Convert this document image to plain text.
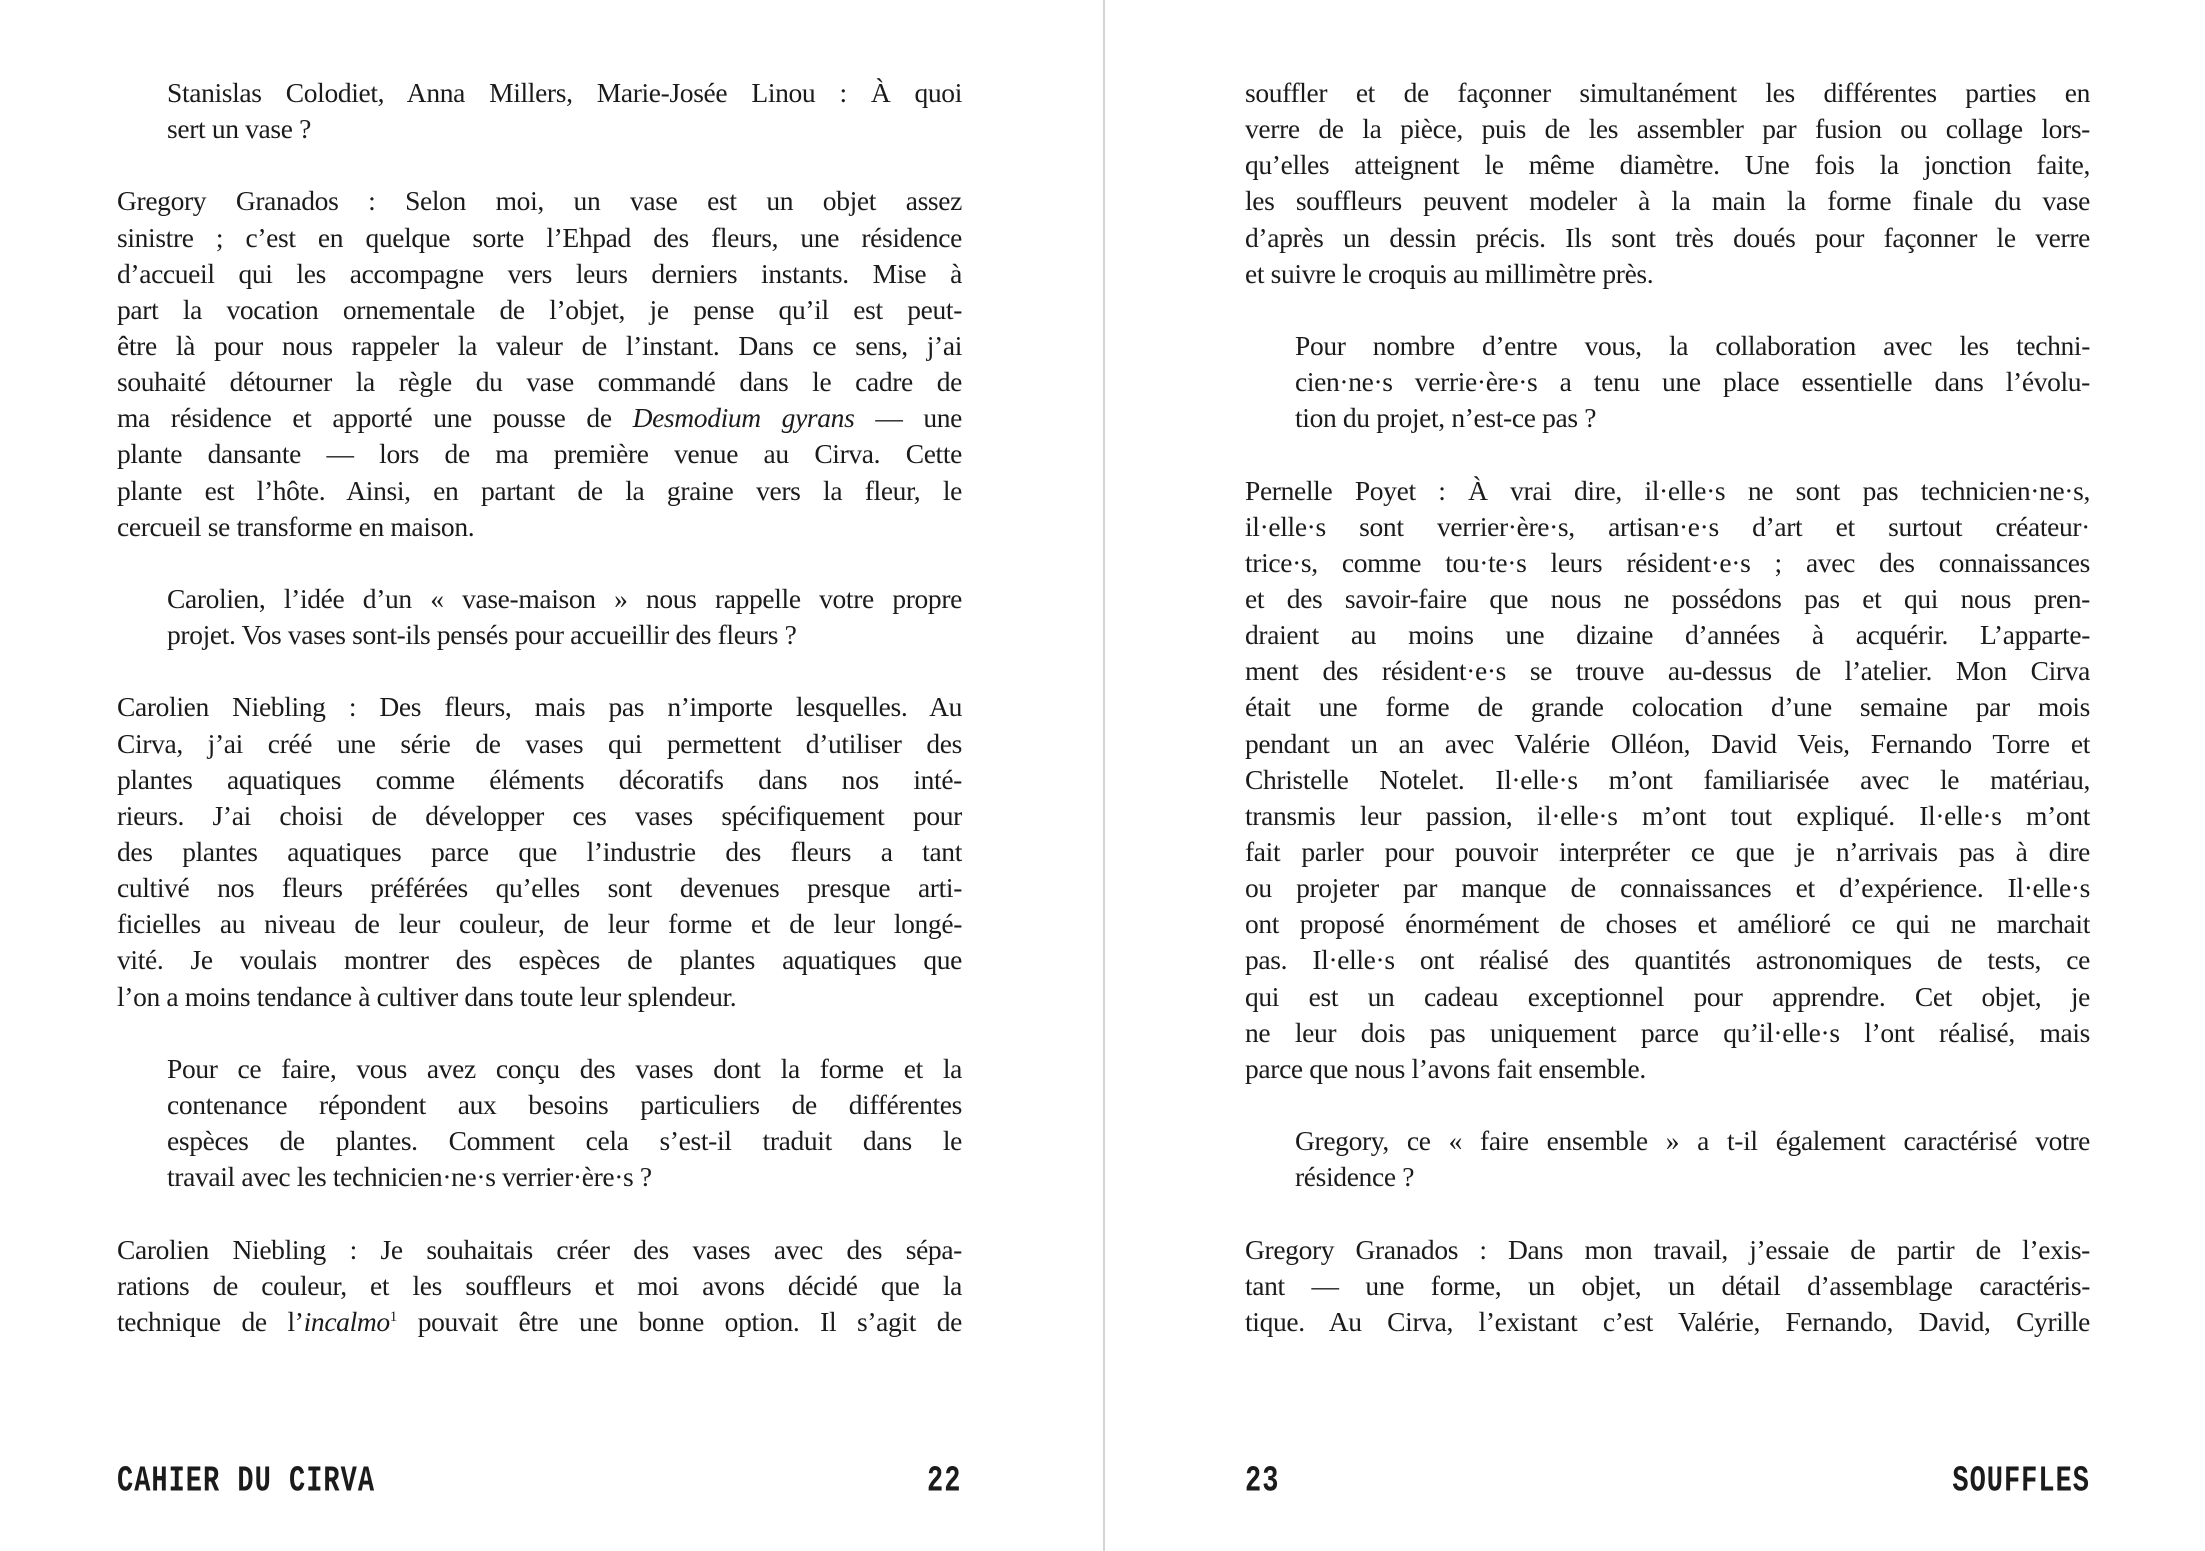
Stanislas Colodiet, Anna Millers, Marie-Josée Linou : À quoi
sert un vase ?
Gregory Granados : Selon moi, un vase est un objet assez
sinistre ; c’est en quelque sorte l’Ehpad des fleurs, une résidence
d’accueil qui les accompagne vers leurs derniers instants. Mise à
part la vocation ornementale de l’objet, je pense qu’il est peut-
être là pour nous rappeler la valeur de l’instant. Dans ce sens, j’ai
souhaité détourner la règle du vase commandé dans le cadre de
ma résidence et apporté une pousse de Desmodium gyrans — une
plante dansante — lors de ma première venue au Cirva. Cette
plante est l’hôte. Ainsi, en partant de la graine vers la fleur, le
cercueil se transforme en maison.
Carolien, l’idée d’un « vase-maison » nous rappelle votre propre
projet. Vos vases sont-ils pensés pour accueillir des fleurs ?
Carolien Niebling : Des fleurs, mais pas n’importe lesquelles. Au
Cirva, j’ai créé une série de vases qui permettent d’utiliser des
plantes aquatiques comme éléments décoratifs dans nos inté-
rieurs. J’ai choisi de développer ces vases spécifiquement pour
des plantes aquatiques parce que l’industrie des fleurs a tant
cultivé nos fleurs préférées qu’elles sont devenues presque arti-
ficielles au niveau de leur couleur, de leur forme et de leur longé-
vité. Je voulais montrer des espèces de plantes aquatiques que
l’on a moins tendance à cultiver dans toute leur splendeur.
Pour ce faire, vous avez conçu des vases dont la forme et la
contenance répondent aux besoins particuliers de différentes
espèces de plantes. Comment cela s’est-il traduit dans le
travail avec les technicien·ne·s verrier·ère·s ?
Carolien Niebling : Je souhaitais créer des vases avec des sépa-
rations de couleur, et les souffleurs et moi avons décidé que la
technique de l’incalmo$^1$ pouvait être une bonne option. Il s’agit de
souffler et de façonner simultanément les différentes parties en
verre de la pièce, puis de les assembler par fusion ou collage lors-
qu’elles atteignent le même diamètre. Une fois la jonction faite,
les souffleurs peuvent modeler à la main la forme finale du vase
d’après un dessin précis. Ils sont très doués pour façonner le verre
et suivre le croquis au millimètre près.
Pour nombre d’entre vous, la collaboration avec les techni-
cien·ne·s verrie·ère·s a tenu une place essentielle dans l’évolu-
tion du projet, n’est-ce pas ?
Pernelle Poyet : À vrai dire, il·elle·s ne sont pas technicien·ne·s,
il·elle·s sont verrier·ère·s, artisan·e·s d’art et surtout créateur·
trice·s, comme tou·te·s leurs résident·e·s ; avec des connaissances
et des savoir-faire que nous ne possédons pas et qui nous pren-
draient au moins une dizaine d’années à acquérir. L’apparte-
ment des résident·e·s se trouve au-dessus de l’atelier. Mon Cirva
était une forme de grande colocation d’une semaine par mois
pendant un an avec Valérie Olléon, David Veis, Fernando Torre et
Christelle Notelet. Il·elle·s m’ont familiarisée avec le matériau,
transmis leur passion, il·elle·s m’ont tout expliqué. Il·elle·s m’ont
fait parler pour pouvoir interpréter ce que je n’arrivais pas à dire
ou projeter par manque de connaissances et d’expérience. Il·elle·s
ont proposé énormément de choses et amélioré ce qui ne marchait
pas. Il·elle·s ont réalisé des quantités astronomiques de tests, ce
qui est un cadeau exceptionnel pour apprendre. Cet objet, je
ne leur dois pas uniquement parce qu’il·elle·s l’ont réalisé, mais
parce que nous l’avons fait ensemble.
Gregory, ce « faire ensemble » a t-il également caractérisé votre
résidence ?
Gregory Granados : Dans mon travail, j’essaie de partir de l’exis-
tant — une forme, un objet, un détail d’assemblage caractéris-
tique. Au Cirva, l’existant c’est Valérie, Fernando, David, Cyrille
CAHIER DU CIRVA	22	23	SOUFFLES
